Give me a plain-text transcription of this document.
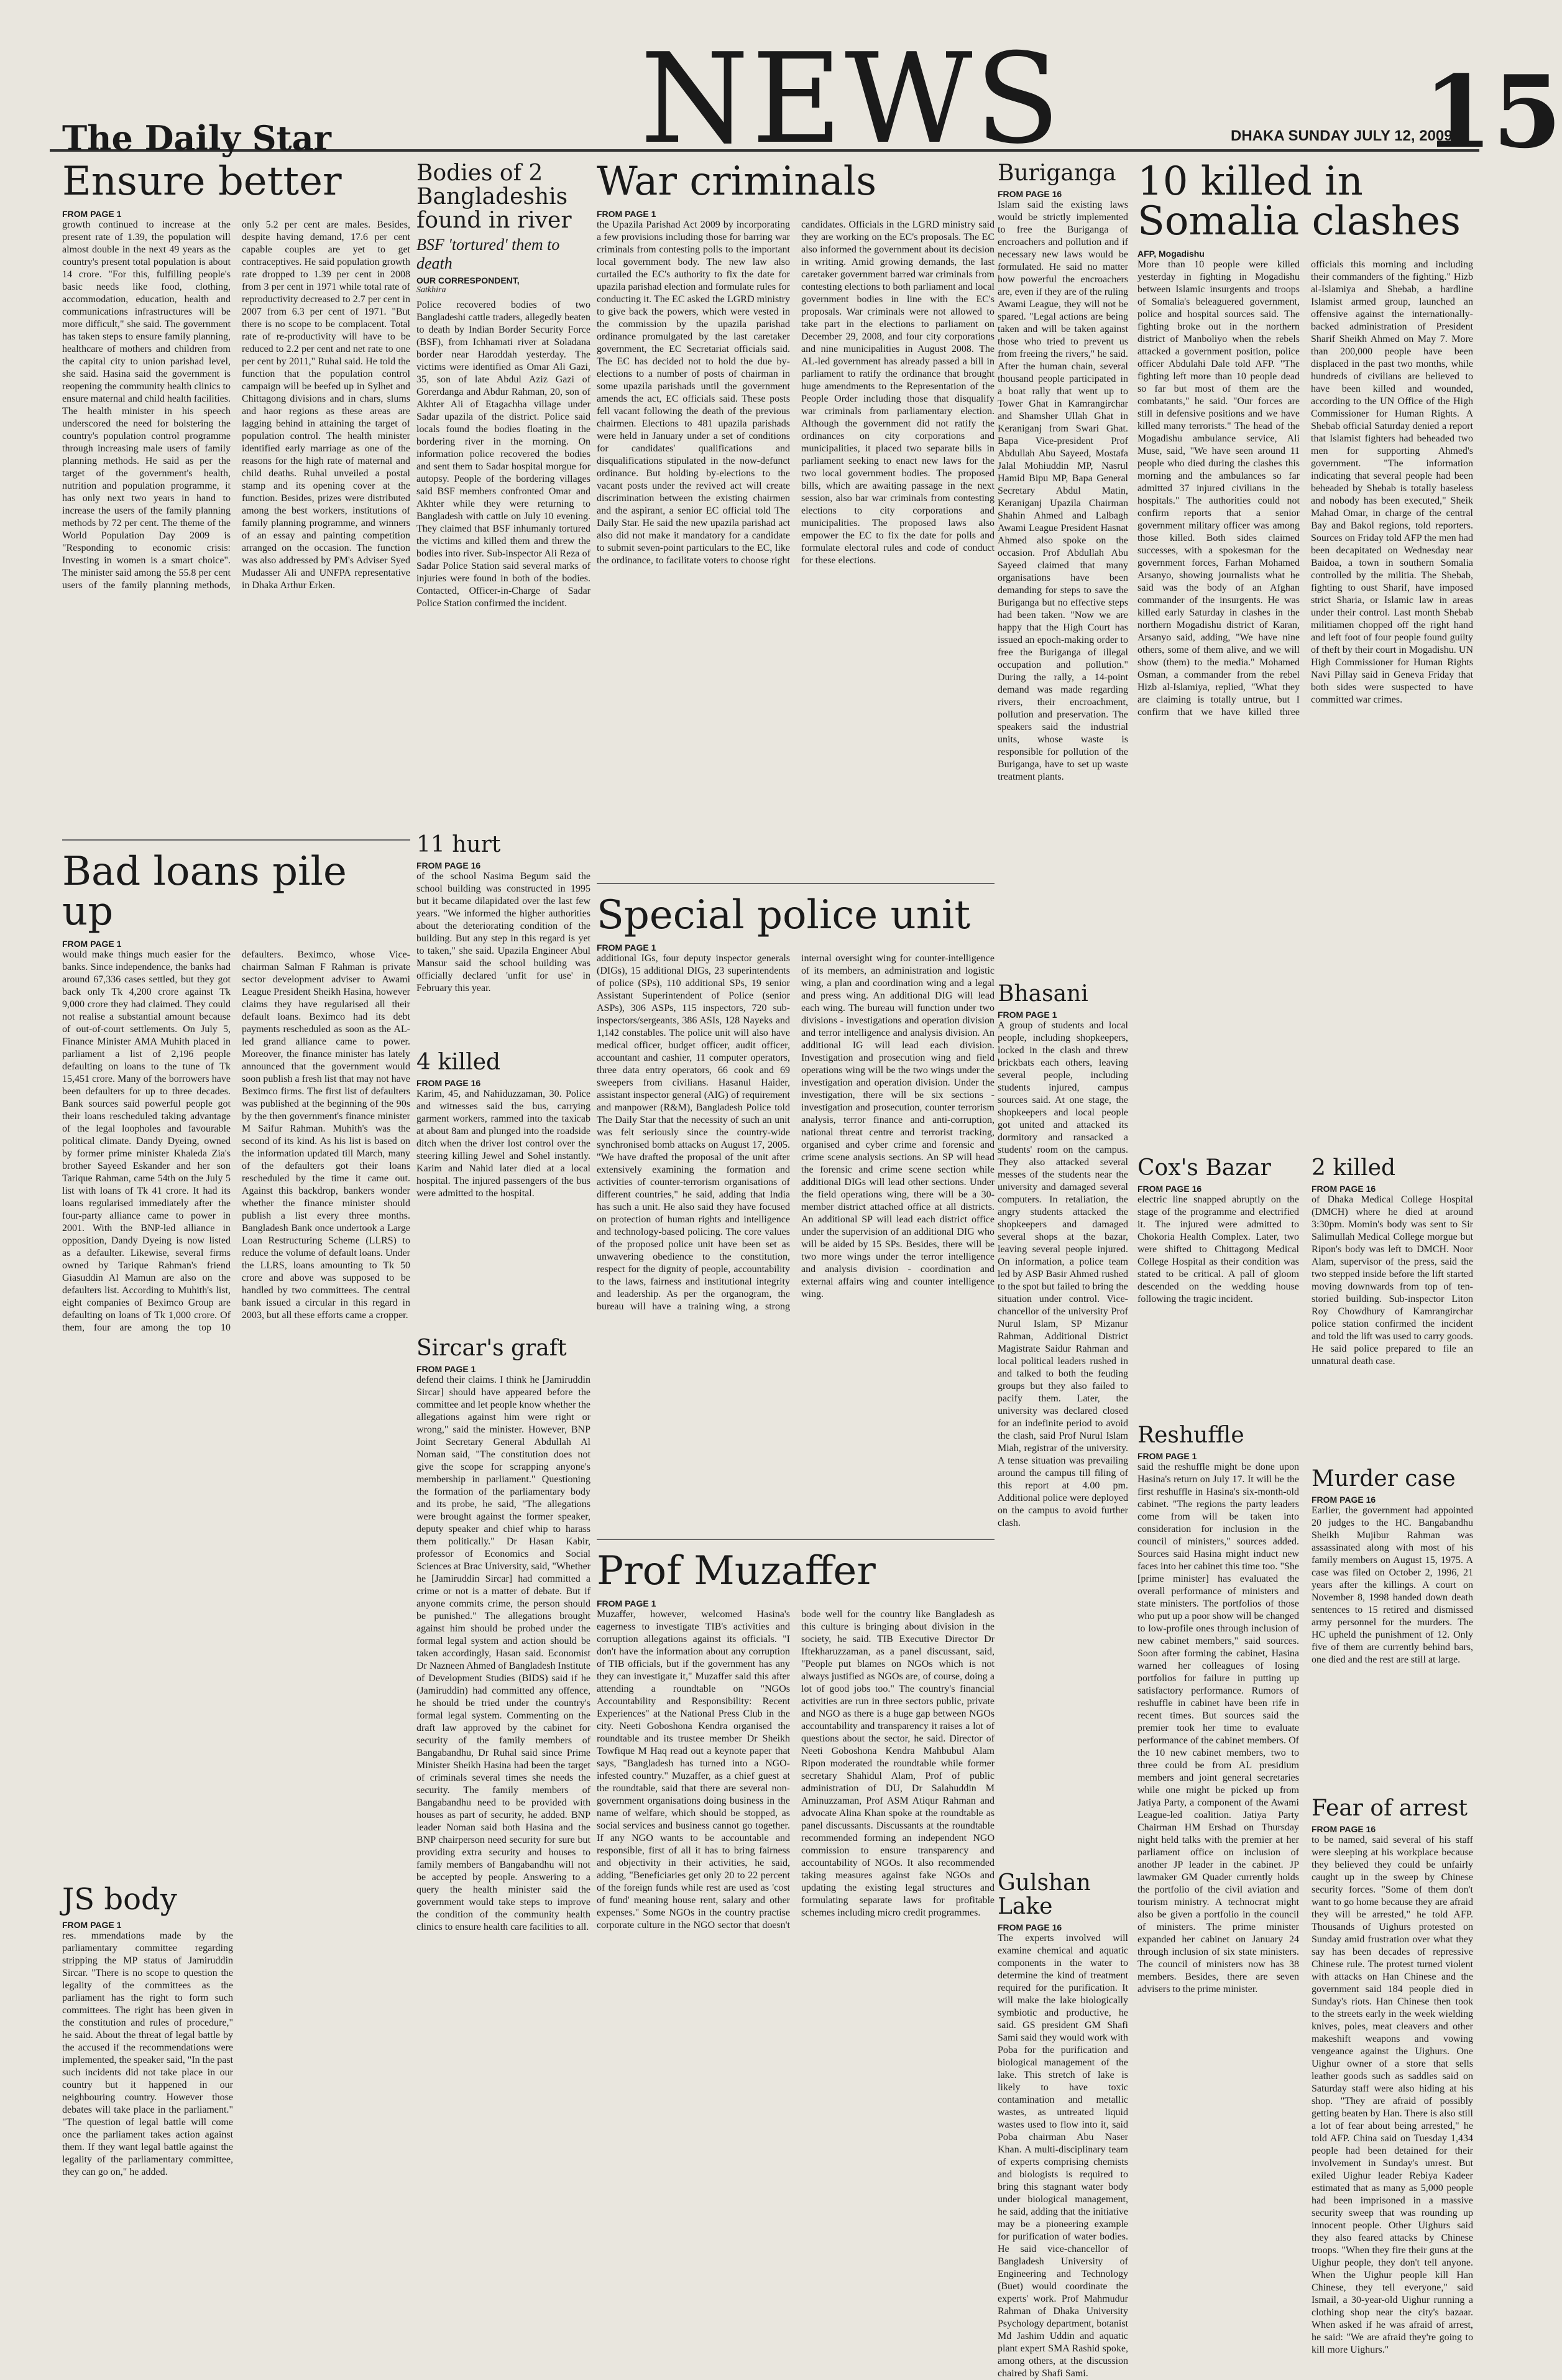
The Daily Star NEWS	DHAKA SUNDAY JULY 12, 2009
15
Ensure better

FROM PAGE 1

growth continued to increase at the present rate of 1.39, the population will almost double in the next 49 years as the country's present total population is about 14 crore. "For this, fulfilling people's basic needs like food, clothing, accommodation, education, health and communications infrastructures will be more difficult," she said. The government has taken steps to ensure family planning, healthcare of mothers and children from the capital city to union parishad level, she said. Hasina said the government is reopening the community health clinics to ensure maternal and child health facilities. The health minister in his speech underscored the need for bolstering the country's population control programme through increasing male users of family planning methods. He said as per the target of the government's health, nutrition and population programme, it has only next two years in hand to increase the users of the family planning methods by 72 per cent. The theme of the World Population Day 2009 is "Responding to economic crisis: Investing in women is a smart choice". The minister said among the 55.8 per cent users of the family planning methods, only 5.2 per cent are males. Besides, despite having demand, 17.6 per cent capable couples are yet to get contraceptives. He said population growth rate dropped to 1.39 per cent in 2008 from 3 per cent in 1971 while total rate of reproductivity decreased to 2.7 per cent in 2007 from 6.3 per cent of 1971. "But there is no scope to be complacent. Total rate of re-productivity will have to be reduced to 2.2 per cent and net rate to one per cent by 2011," Ruhal said. He told the function that the population control campaign will be beefed up in Sylhet and Chittagong divisions and in chars, slums and haor regions as these areas are lagging behind in attaining the target of population control. The health minister identified early marriage as one of the reasons for the high rate of maternal and child deaths. Ruhal unveiled a postal stamp and its opening cover at the function. Besides, prizes were distributed among the best workers, institutions of family planning programme, and winners of an essay and painting competition arranged on the occasion. The function was also addressed by PM's Adviser Syed Mudasser Ali and UNFPA representative in Dhaka Arthur Erken.

Bad loans pile up

FROM PAGE 1

would make things much easier for the banks. Since independence, the banks had around 67,336 cases settled, but they got back only Tk 4,200 crore against Tk 9,000 crore they had claimed. They could not realise a substantial amount because of out-of-court settlements. On July 5, Finance Minister AMA Muhith placed in parliament a list of 2,196 people defaulting on loans to the tune of Tk 15,451 crore. Many of the borrowers have been defaulters for up to three decades. Bank sources said powerful people got their loans rescheduled taking advantage of the legal loopholes and favourable political climate. Dandy Dyeing, owned by former prime minister Khaleda Zia's brother Sayeed Eskander and her son Tarique Rahman, came 54th on the July 5 list with loans of Tk 41 crore. It had its loans regularised immediately after the four-party alliance came to power in 2001. With the BNP-led alliance in opposition, Dandy Dyeing is now listed as a defaulter. Likewise, several firms owned by Tarique Rahman's friend Giasuddin Al Mamun are also on the defaulters list. According to Muhith's list, eight companies of Beximco Group are defaulting on loans of Tk 1,000 crore. Of them, four are among the top 10 defaulters. Beximco, whose Vice-chairman Salman F Rahman is private sector development adviser to Awami League President Sheikh Hasina, however claims they have regularised all their default loans. Beximco had its debt payments rescheduled as soon as the AL-led grand alliance came to power. Moreover, the finance minister has lately announced that the government would soon publish a fresh list that may not have Beximco firms. The first list of defaulters was published at the beginning of the 90s by the then government's finance minister M Saifur Rahman. Muhith's was the second of its kind. As his list is based on the information updated till March, many of the defaulters got their loans rescheduled by the time it came out. Against this backdrop, bankers wonder whether the finance minister should publish a list every three months. Bangladesh Bank once undertook a Large Loan Restructuring Scheme (LLRS) to reduce the volume of default loans. Under the LLRS, loans amounting to Tk 50 crore and above was supposed to be handled by two committees. The central bank issued a circular in this regard in 2003, but all these efforts came a cropper.

JS body

FROM PAGE 1

res. mmendations made by the parliamentary committee regarding stripping the MP status of Jamiruddin Sircar. "There is no scope to question the legality of the committees as the parliament has the right to form such committees. The right has been given in the constitution and rules of procedure," he said. About the threat of legal battle by the accused if the recommendations were implemented, the speaker said, "In the past such incidents did not take place in our country but it happened in our neighbouring country. However those debates will take place in the parliament." "The question of legal battle will come once the parliament takes action against them. If they want legal battle against the legality of the parliamentary committee, they can go on," he added.

Bodies of 2 Bangladeshis found in river

BSF 'tortured' them to death

OUR CORRESPONDENT,

Satkhira

Police recovered bodies of two Bangladeshi cattle traders, allegedly beaten to death by Indian Border Security Force (BSF), from Ichhamati river at Soladana border near Haroddah yesterday. The victims were identified as Omar Ali Gazi, 35, son of late Abdul Aziz Gazi of Gorerdanga and Abdur Rahman, 20, son of Akhter Ali of Etagachha village under Sadar upazila of the district. Police said locals found the bodies floating in the bordering river in the morning. On information police recovered the bodies and sent them to Sadar hospital morgue for autopsy. People of the bordering villages said BSF members confronted Omar and Akhter while they were returning to Bangladesh with cattle on July 10 evening. They claimed that BSF inhumanly tortured the victims and killed them and threw the bodies into river. Sub-inspector Ali Reza of Sadar Police Station said several marks of injuries were found in both of the bodies. Contacted, Officer-in-Charge of Sadar Police Station confirmed the incident.

11 hurt

FROM PAGE 16

of the school Nasima Begum said the school building was constructed in 1995 but it became dilapidated over the last few years. "We informed the higher authorities about the deteriorating condition of the building. But any step in this regard is yet to taken," she said. Upazila Engineer Abul Mansur said the school building was officially declared 'unfit for use' in February this year.

4 killed

FROM PAGE 16

Karim, 45, and Nahiduzzaman, 30. Police and witnesses said the bus, carrying garment workers, rammed into the taxicab at about 8am and plunged into the roadside ditch when the driver lost control over the steering killing Jewel and Sohel instantly. Karim and Nahid later died at a local hospital. The injured passengers of the bus were admitted to the hospital.

Sircar's graft

FROM PAGE 1

defend their claims. I think he [Jamiruddin Sircar] should have appeared before the committee and let people know whether the allegations against him were right or wrong," said the minister. However, BNP Joint Secretary General Abdullah Al Noman said, "The constitution does not give the scope for scrapping anyone's membership in parliament." Questioning the formation of the parliamentary body and its probe, he said, "The allegations were brought against the former speaker, deputy speaker and chief whip to harass them politically." Dr Hasan Kabir, professor of Economics and Social Sciences at Brac University, said, "Whether he [Jamiruddin Sircar] had committed a crime or not is a matter of debate. But if anyone commits crime, the person should be punished." The allegations brought against him should be probed under the formal legal system and action should be taken accordingly, Hasan said. Economist Dr Nazneen Ahmed of Bangladesh Institute of Development Studies (BIDS) said if he (Jamiruddin) had committed any offence, he should be tried under the country's formal legal system. Commenting on the draft law approved by the cabinet for security of the family members of Bangabandhu, Dr Ruhal said since Prime Minister Sheikh Hasina had been the target of criminals several times she needs the security. The family members of Bangabandhu need to be provided with houses as part of security, he added. BNP leader Noman said both Hasina and the BNP chairperson need security for sure but providing extra security and houses to family members of Bangabandhu will not be accepted by people. Answering to a query the health minister said the government would take steps to improve the condition of the community health clinics to ensure health care facilities to all.

War criminals

FROM PAGE 1

the Upazila Parishad Act 2009 by incorporating a few provisions including those for barring war criminals from contesting polls to the important local government body. The new law also curtailed the EC's authority to fix the date for upazila parishad election and formulate rules for conducting it. The EC asked the LGRD ministry to give back the powers, which were vested in the commission by the upazila parishad ordinance promulgated by the last caretaker government, the EC Secretariat officials said. The EC has decided not to hold the due by-elections to a number of posts of chairman in some upazila parishads until the government amends the act, EC officials said. These posts fell vacant following the death of the previous chairmen. Elections to 481 upazila parishads were held in January under a set of conditions for candidates' qualifications and disqualifications stipulated in the now-defunct ordinance. But holding by-elections to the vacant posts under the revived act will create discrimination between the existing chairmen and the aspirant, a senior EC official told The Daily Star. He said the new upazila parishad act also did not make it mandatory for a candidate to submit seven-point particulars to the EC, like the ordinance, to facilitate voters to choose right candidates. Officials in the LGRD ministry said they are working on the EC's proposals. The EC also informed the government about its decision in writing. Amid growing demands, the last caretaker government barred war criminals from contesting elections to both parliament and local government bodies in line with the EC's proposals. War criminals were not allowed to take part in the elections to parliament on December 29, 2008, and four city corporations and nine municipalities in August 2008. The AL-led government has already passed a bill in parliament to ratify the ordinance that brought huge amendments to the Representation of the People Order including those that disqualify war criminals from parliamentary election. Although the government did not ratify the ordinances on city corporations and municipalities, it placed two separate bills in parliament seeking to enact new laws for the two local government bodies. The proposed bills, which are awaiting passage in the next session, also bar war criminals from contesting elections to city corporations and municipalities. The proposed laws also empower the EC to fix the date for polls and formulate electoral rules and code of conduct for these elections.

Special police unit

FROM PAGE 1

additional IGs, four deputy inspector generals (DIGs), 15 additional DIGs, 23 superintendents of police (SPs), 110 additional SPs, 19 senior Assistant Superintendent of Police (senior ASPs), 306 ASPs, 115 inspectors, 720 sub-inspectors/sergeants, 386 ASIs, 128 Nayeks and 1,142 constables. The police unit will also have medical officer, budget officer, audit officer, accountant and cashier, 11 computer operators, three data entry operators, 66 cook and 69 sweepers from civilians. Hasanul Haider, assistant inspector general (AIG) of requirement and manpower (R&M), Bangladesh Police told The Daily Star that the necessity of such an unit was felt seriously since the country-wide synchronised bomb attacks on August 17, 2005. "We have drafted the proposal of the unit after extensively examining the formation and activities of counter-terrorism organisations of different countries," he said, adding that India has such a unit. He also said they have focused on protection of human rights and intelligence and technology-based policing. The core values of the proposed police unit have been set as unwavering obedience to the constitution, respect for the dignity of people, accountability to the laws, fairness and institutional integrity and leadership. As per the organogram, the bureau will have a training wing, a strong internal oversight wing for counter-intelligence of its members, an administration and logistic wing, a plan and coordination wing and a legal and press wing. An additional DIG will lead each wing. The bureau will function under two divisions - investigations and operation division and terror intelligence and analysis division. An additional IG will lead each division. Investigation and prosecution wing and field operations wing will be the two wings under the investigation and operation division. Under the investigation, there will be six sections - investigation and prosecution, counter terrorism analysis, terror finance and anti-corruption, national threat centre and terrorist tracking, organised and cyber crime and forensic and crime scene analysis sections. An SP will head the forensic and crime scene section while additional DIGs will lead other sections. Under the field operations wing, there will be a 30-member district attached office at all districts. An additional SP will lead each district office under the supervision of an additional DIG who will be aided by 15 SPs. Besides, there will be two more wings under the terror intelligence and analysis division - coordination and external affairs wing and counter intelligence wing.

Prof Muzaffer

FROM PAGE 1

Muzaffer, however, welcomed Hasina's eagerness to investigate TIB's activities and corruption allegations against its officials. "I don't have the information about any corruption of TIB officials, but if the government has any they can investigate it," Muzaffer said this after attending a roundtable on "NGOs Accountability and Responsibility: Recent Experiences" at the National Press Club in the city. Neeti Goboshona Kendra organised the roundtable and its trustee member Dr Sheikh Towfique M Haq read out a keynote paper that says, "Bangladesh has turned into a NGO-infested country." Muzaffer, as a chief guest at the roundtable, said that there are several non-government organisations doing business in the name of welfare, which should be stopped, as social services and business cannot go together. If any NGO wants to be accountable and responsible, first of all it has to bring fairness and objectivity in their activities, he said, adding, "Beneficiaries get only 20 to 22 percent of the foreign funds while rest are used as 'cost of fund' meaning house rent, salary and other expenses." Some NGOs in the country practise corporate culture in the NGO sector that doesn't bode well for the country like Bangladesh as this culture is bringing about division in the society, he said. TIB Executive Director Dr Iftekharuzzaman, as a panel discussant, said, "People put blames on NGOs which is not always justified as NGOs are, of course, doing a lot of good jobs too." The country's financial activities are run in three sectors public, private and NGO as there is a huge gap between NGOs accountability and transparency it raises a lot of questions about the sector, he said. Director of Neeti Goboshona Kendra Mahbubul Alam Ripon moderated the roundtable while former secretary Shahidul Alam, Prof of public administration of DU, Dr Salahuddin M Aminuzzaman, Prof ASM Atiqur Rahman and advocate Alina Khan spoke at the roundtable as panel discussants. Discussants at the roundtable recommended forming an independent NGO commission to ensure transparency and accountability of NGOs. It also recommended taking measures against fake NGOs and updating the existing legal structures and formulating separate laws for profitable schemes including micro credit programmes.

Buriganga

FROM PAGE 16

Islam said the existing laws would be strictly implemented to free the Buriganga of encroachers and pollution and if necessary new laws would be formulated. He said no matter how powerful the encroachers are, even if they are of the ruling Awami League, they will not be spared. "Legal actions are being taken and will be taken against those who tried to prevent us from freeing the rivers," he said. After the human chain, several thousand people participated in a boat rally that went up to Tower Ghat in Kamrangirchar and Shamsher Ullah Ghat in Keraniganj from Swari Ghat. Bapa Vice-president Prof Abdullah Abu Sayeed, Mostafa Jalal Mohiuddin MP, Nasrul Hamid Bipu MP, Bapa General Secretary Abdul Matin, Keraniganj Upazila Chairman Shahin Ahmed and Lalbagh Awami League President Hasnat Ahmed also spoke on the occasion. Prof Abdullah Abu Sayeed claimed that many organisations have been demanding for steps to save the Buriganga but no effective steps had been taken. "Now we are happy that the High Court has issued an epoch-making order to free the Buriganga of illegal occupation and pollution." During the rally, a 14-point demand was made regarding rivers, their encroachment, pollution and preservation. The speakers said the industrial units, whose waste is responsible for pollution of the Buriganga, have to set up waste treatment plants.

Bhasani

FROM PAGE 1

A group of students and local people, including shopkeepers, locked in the clash and threw brickbats each others, leaving several people, including students injured, campus sources said. At one stage, the shopkeepers and local people got united and attacked its dormitory and ransacked a students' room on the campus. They also attacked several messes of the students near the university and damaged several computers. In retaliation, the angry students attacked the shopkeepers and damaged several shops at the bazar, leaving several people injured. On information, a police team led by ASP Basir Ahmed rushed to the spot but failed to bring the situation under control. Vice-chancellor of the university Prof Nurul Islam, SP Mizanur Rahman, Additional District Magistrate Saidur Rahman and local political leaders rushed in and talked to both the feuding groups but they also failed to pacify them. Later, the university was declared closed for an indefinite period to avoid the clash, said Prof Nurul Islam Miah, registrar of the university. A tense situation was prevailing around the campus till filing of this report at 4.00 pm. Additional police were deployed on the campus to avoid further clash.

Gulshan Lake

FROM PAGE 16

The experts involved will examine chemical and aquatic components in the water to determine the kind of treatment required for the purification. It will make the lake biologically symbiotic and productive, he said. GS president GM Shafi Sami said they would work with Poba for the purification and biological management of the lake. This stretch of lake is likely to have toxic contamination and metallic wastes, as untreated liquid wastes used to flow into it, said Poba chairman Abu Naser Khan. A multi-disciplinary team of experts comprising chemists and biologists is required to bring this stagnant water body under biological management, he said, adding that the initiative may be a pioneering example for purification of water bodies. He said vice-chancellor of Bangladesh University of Engineering and Technology (Buet) would coordinate the experts' work. Prof Mahmudur Rahman of Dhaka University Psychology department, botanist Md Jashim Uddin and aquatic plant expert SMA Rashid spoke, among others, at the discussion chaired by Shafi Sami.

10 killed in Somalia clashes

AFP, Mogadishu

More than 10 people were killed yesterday in fighting in Mogadishu between Islamic insurgents and troops of Somalia's beleaguered government, police and hospital sources said. The fighting broke out in the northern district of Manboliyo when the rebels attacked a government position, police officer Abdulahi Dale told AFP. "The fighting left more than 10 people dead so far but most of them are the combatants," he said. "Our forces are still in defensive positions and we have killed many terrorists." The head of the Mogadishu ambulance service, Ali Muse, said, "We have seen around 11 people who died during the clashes this morning and the ambulances so far admitted 37 injured civilians in the hospitals." The authorities could not confirm reports that a senior government military officer was among those killed. Both sides claimed successes, with a spokesman for the government forces, Farhan Mohamed Arsanyo, showing journalists what he said was the body of an Afghan commander of the insurgents. He was killed early Saturday in clashes in the northern Mogadishu district of Karan, Arsanyo said, adding, "We have nine others, some of them alive, and we will show (them) to the media." Mohamed Osman, a commander from the rebel Hizb al-Islamiya, replied, "What they are claiming is totally untrue, but I confirm that we have killed three officials this morning and including their commanders of the fighting." Hizb al-Islamiya and Shebab, a hardline Islamist armed group, launched an offensive against the internationally-backed administration of President Sharif Sheikh Ahmed on May 7. More than 200,000 people have been displaced in the past two months, while hundreds of civilians are believed to have been killed and wounded, according to the UN Office of the High Commissioner for Human Rights. A Shebab official Saturday denied a report that Islamist fighters had beheaded two men for supporting Ahmed's government. "The information indicating that several people had been beheaded by Shebab is totally baseless and nobody has been executed," Sheik Mahad Omar, in charge of the central Bay and Bakol regions, told reporters. Sources on Friday told AFP the men had been decapitated on Wednesday near Baidoa, a town in southern Somalia controlled by the militia. The Shebab, fighting to oust Sharif, have imposed strict Sharia, or Islamic law in areas under their control. Last month Shebab militiamen chopped off the right hand and left foot of four people found guilty of theft by their court in Mogadishu. UN High Commissioner for Human Rights Navi Pillay said in Geneva Friday that both sides were suspected to have committed war crimes.

Cox's Bazar

FROM PAGE 16

electric line snapped abruptly on the stage of the programme and electrified it. The injured were admitted to Chokoria Health Complex. Later, two were shifted to Chittagong Medical College Hospital as their condition was stated to be critical. A pall of gloom descended on the wedding house following the tragic incident.

Reshuffle

FROM PAGE 1

said the reshuffle might be done upon Hasina's return on July 17. It will be the first reshuffle in Hasina's six-month-old cabinet. "The regions the party leaders come from will be taken into consideration for inclusion in the council of ministers," sources added. Sources said Hasina might induct new faces into her cabinet this time too. "She [prime minister] has evaluated the overall performance of ministers and state ministers. The portfolios of those who put up a poor show will be changed to low-profile ones through inclusion of new cabinet members," said sources. Soon after forming the cabinet, Hasina warned her colleagues of losing portfolios for failure in putting up satisfactory performance. Rumors of reshuffle in cabinet have been rife in recent times. But sources said the premier took her time to evaluate performance of the cabinet members. Of the 10 new cabinet members, two to three could be from AL presidium members and joint general secretaries while one might be picked up from Jatiya Party, a component of the Awami League-led coalition. Jatiya Party Chairman HM Ershad on Thursday night held talks with the premier at her parliament office on inclusion of another JP leader in the cabinet. JP lawmaker GM Quader currently holds the portfolio of the civil aviation and tourism ministry. A technocrat might also be given a portfolio in the council of ministers. The prime minister expanded her cabinet on January 24 through inclusion of six state ministers. The council of ministers now has 38 members. Besides, there are seven advisers to the prime minister.

2 killed

FROM PAGE 16

of Dhaka Medical College Hospital (DMCH) where he died at around 3:30pm. Momin's body was sent to Sir Salimullah Medical College morgue but Ripon's body was left to DMCH. Noor Alam, supervisor of the press, said the two stepped inside before the lift started moving downwards from top of ten-storied building. Sub-inspector Liton Roy Chowdhury of Kamrangirchar police station confirmed the incident and told the lift was used to carry goods. He said police prepared to file an unnatural death case.

Murder case

FROM PAGE 16

Earlier, the government had appointed 20 judges to the HC. Bangabandhu Sheikh Mujibur Rahman was assassinated along with most of his family members on August 15, 1975. A case was filed on October 2, 1996, 21 years after the killings. A court on November 8, 1998 handed down death sentences to 15 retired and dismissed army personnel for the murders. The HC upheld the punishment of 12. Only five of them are currently behind bars, one died and the rest are still at large.

Fear of arrest

FROM PAGE 16

to be named, said several of his staff were sleeping at his workplace because they believed they could be unfairly caught up in the sweep by Chinese security forces. "Some of them don't want to go home because they are afraid they will be arrested," he told AFP. Thousands of Uighurs protested on Sunday amid frustration over what they say has been decades of repressive Chinese rule. The protest turned violent with attacks on Han Chinese and the government said 184 people died in Sunday's riots. Han Chinese then took to the streets early in the week wielding knives, poles, meat cleavers and other makeshift weapons and vowing vengeance against the Uighurs. One Uighur owner of a store that sells leather goods such as saddles said on Saturday staff were also hiding at his shop. "They are afraid of possibly getting beaten by Han. There is also still a lot of fear about being arrested," he told AFP. China said on Tuesday 1,434 people had been detained for their involvement in Sunday's unrest. But exiled Uighur leader Rebiya Kadeer estimated that as many as 5,000 people had been imprisoned in a massive security sweep that was rounding up innocent people. Other Uighurs said they also feared attacks by Chinese troops. "When they fire their guns at the Uighur people, they don't tell anyone. When the Uighur people kill Han Chinese, they tell everyone," said Ismail, a 30-year-old Uighur running a clothing shop near the city's bazaar. When asked if he was afraid of arrest, he said: "We are afraid they're going to kill more Uighurs."
